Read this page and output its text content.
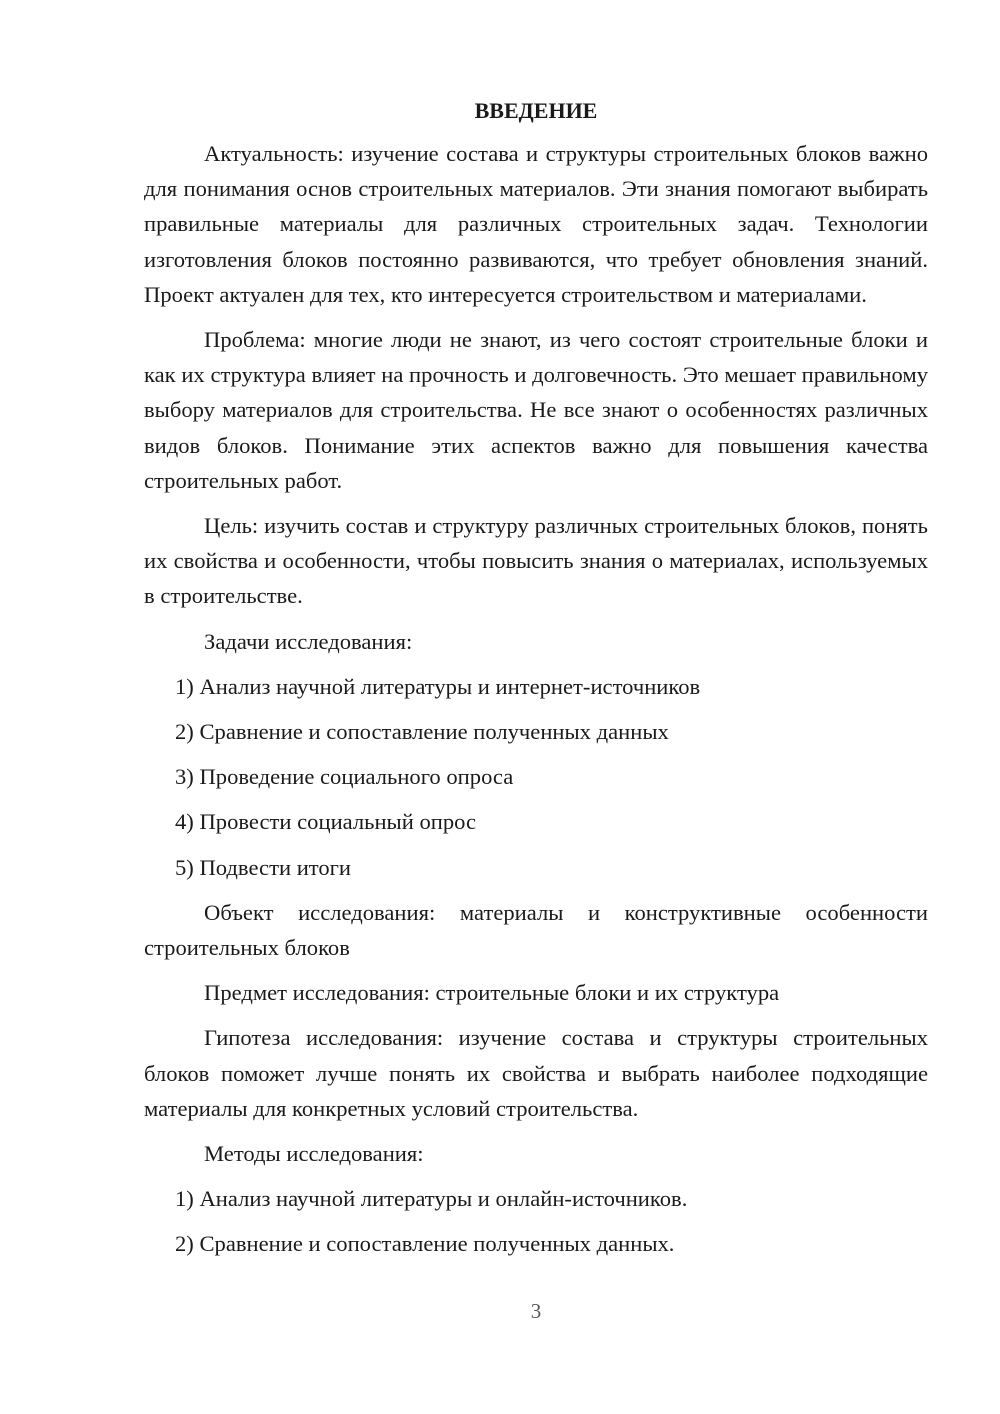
ВВЕДЕНИЕ

Актуальность: изучение состава и структуры строительных блоков важно для понимания основ строительных материалов. Эти знания помогают выбирать правильные материалы для различных строительных задач. Технологии изготовления блоков постоянно развиваются, что требует обновления знаний. Проект актуален для тех, кто интересуется строительством и материалами.

Проблема: многие люди не знают, из чего состоят строительные блоки и как их структура влияет на прочность и долговечность. Это мешает правильному выбору материалов для строительства. Не все знают о особенностях различных видов блоков. Понимание этих аспектов важно для повышения качества строительных работ.

Цель: изучить состав и структуру различных строительных блоков, понять их свойства и особенности, чтобы повысить знания о материалах, используемых в строительстве.

Задачи исследования:

1) Анализ научной литературы и интернет-источников

2) Сравнение и сопоставление полученных данных

3) Проведение социального опроса

4) Провести социальный опрос

5) Подвести итоги

Объект исследования: материалы и конструктивные особенности строительных блоков

Предмет исследования: строительные блоки и их структура

Гипотеза исследования: изучение состава и структуры строительных блоков поможет лучше понять их свойства и выбрать наиболее подходящие материалы для конкретных условий строительства.

Методы исследования:

1) Анализ научной литературы и онлайн-источников.

2) Сравнение и сопоставление полученных данных.

3
